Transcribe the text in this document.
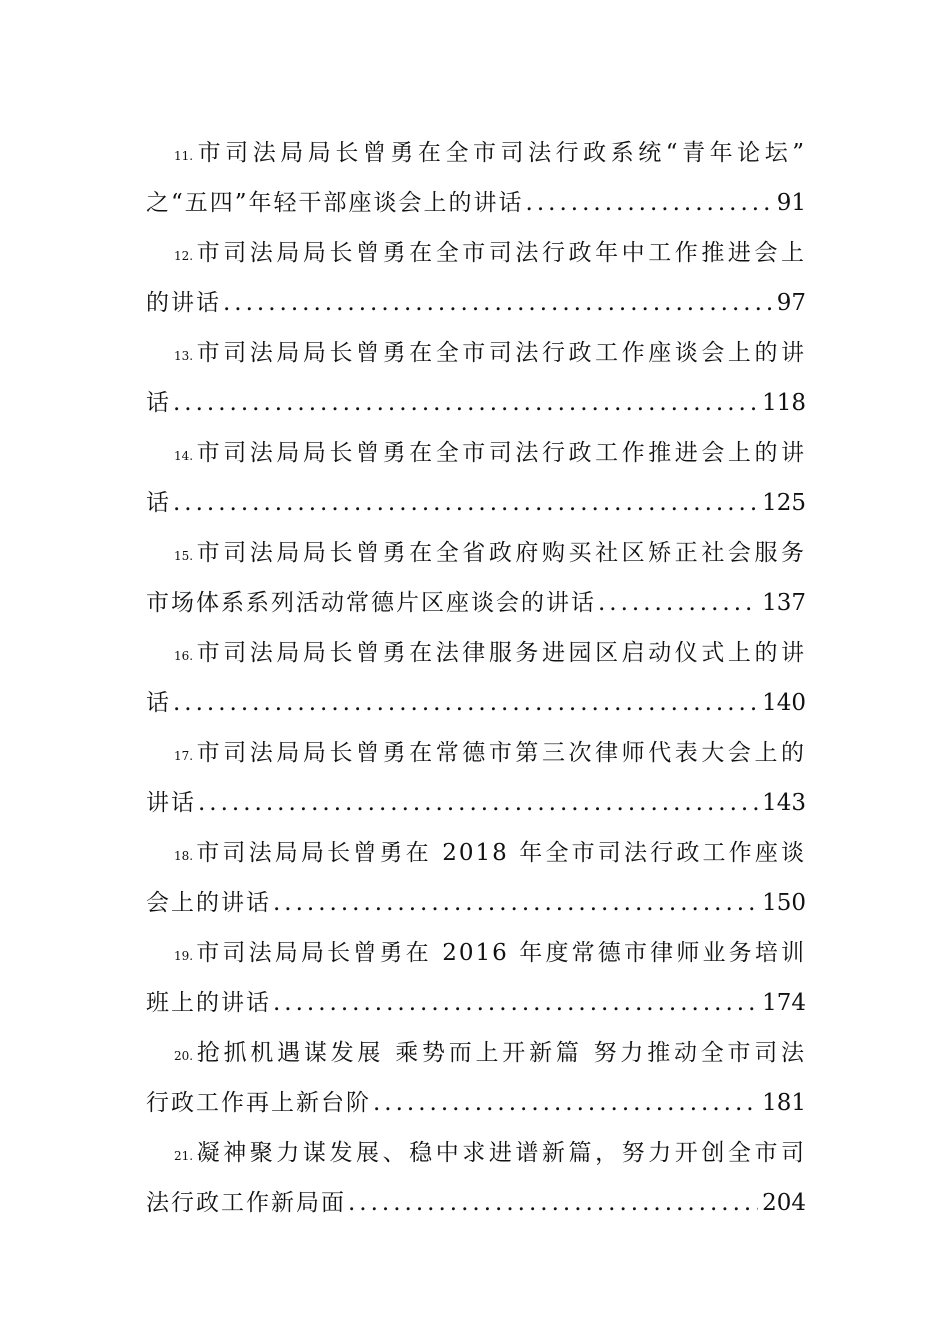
11.市司法局局长曾勇在全市司法行政系统“青年论坛”
之“五四”年轻干部座谈会上的讲话 .....	91
12.市司法局局长曾勇在全市司法行政年中工作推进会上
的讲话 .....	97
13.市司法局局长曾勇在全市司法行政工作座谈会上的讲
话 .....	118
14.市司法局局长曾勇在全市司法行政工作推进会上的讲
话 .....	125
15.市司法局局长曾勇在全省政府购买社区矫正社会服务
市场体系系列活动常德片区座谈会的讲话 .....	137
16.市司法局局长曾勇在法律服务进园区启动仪式上的讲
话 .....	140
17.市司法局局长曾勇在常德市第三次律师代表大会上的
讲话 .....	143
18.市司法局局长曾勇在 2018 年全市司法行政工作座谈
会上的讲话 .....	150
19.市司法局局长曾勇在 2016 年度常德市律师业务培训
班上的讲话 .....	174
20.抢抓机遇谋发展 乘势而上开新篇 努力推动全市司法
行政工作再上新台阶 .....	181
21.凝神聚力谋发展、稳中求进谱新篇，努力开创全市司
法行政工作新局面 .....	204
